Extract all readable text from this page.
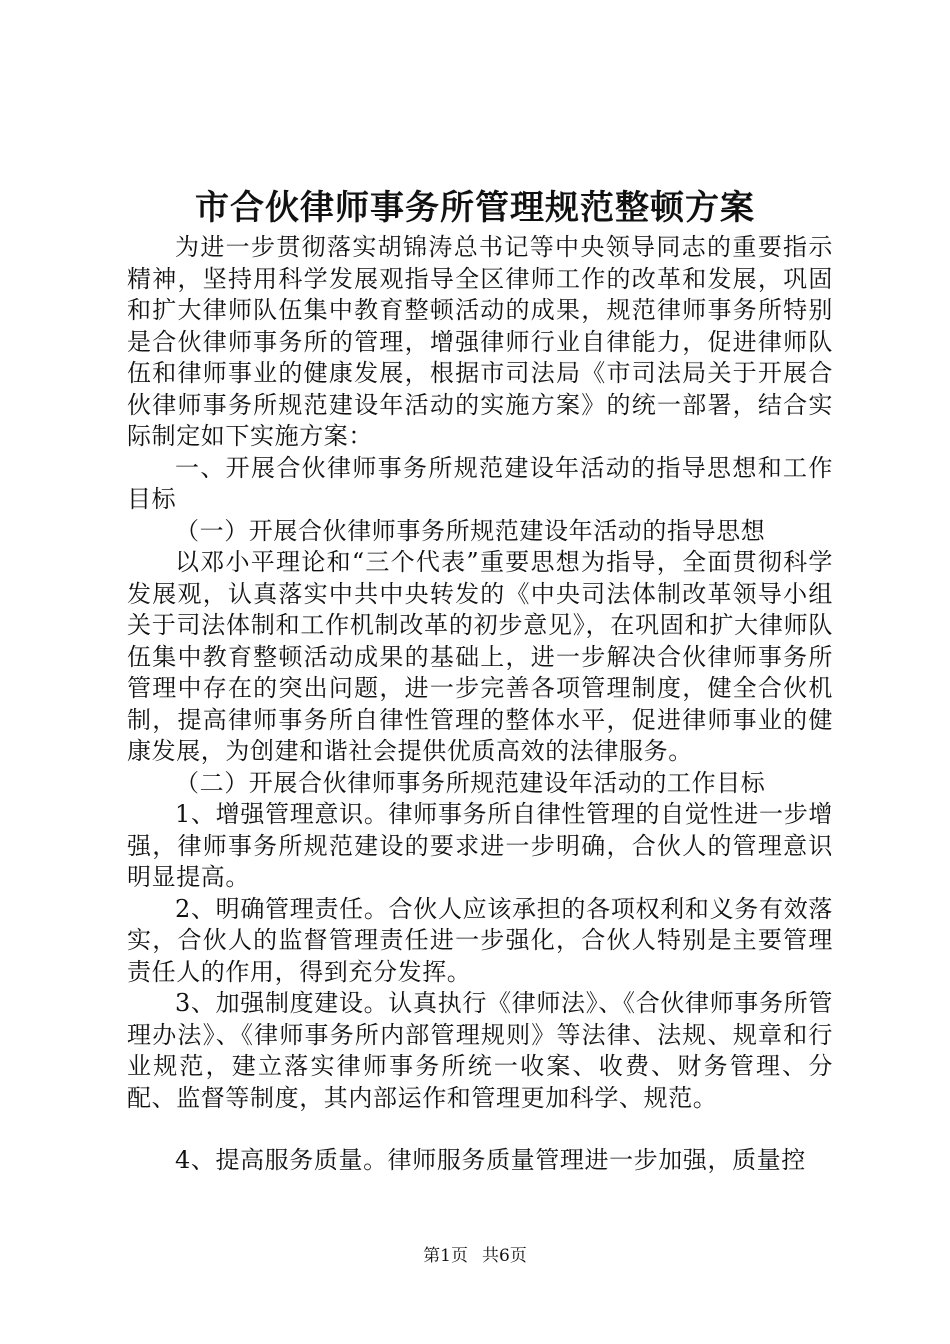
市合伙律师事务所管理规范整顿方案

为进一步贯彻落实胡锦涛总书记等中央领导同志的重要指示精神，坚持用科学发展观指导全区律师工作的改革和发展，巩固和扩大律师队伍集中教育整顿活动的成果，规范律师事务所特别是合伙律师事务所的管理，增强律师行业自律能力，促进律师队伍和律师事业的健康发展，根据市司法局《市司法局关于开展合伙律师事务所规范建设年活动的实施方案》的统一部署，结合实际制定如下实施方案：

一、开展合伙律师事务所规范建设年活动的指导思想和工作目标

（一）开展合伙律师事务所规范建设年活动的指导思想

以邓小平理论和“三个代表”重要思想为指导，全面贯彻科学发展观，认真落实中共中央转发的《中央司法体制改革领导小组关于司法体制和工作机制改革的初步意见》，在巩固和扩大律师队伍集中教育整顿活动成果的基础上，进一步解决合伙律师事务所管理中存在的突出问题，进一步完善各项管理制度，健全合伙机制，提高律师事务所自律性管理的整体水平，促进律师事业的健康发展，为创建和谐社会提供优质高效的法律服务。

（二）开展合伙律师事务所规范建设年活动的工作目标

1、增强管理意识。律师事务所自律性管理的自觉性进一步增强，律师事务所规范建设的要求进一步明确，合伙人的管理意识明显提高。

2、明确管理责任。合伙人应该承担的各项权利和义务有效落实，合伙人的监督管理责任进一步强化，合伙人特别是主要管理责任人的作用，得到充分发挥。

3、加强制度建设。认真执行《律师法》、《合伙律师事务所管理办法》、《律师事务所内部管理规则》等法律、法规、规章和行业规范，建立落实律师事务所统一收案、收费、财务管理、分配、监督等制度，其内部运作和管理更加科学、规范。

4、提高服务质量。律师服务质量管理进一步加强，质量控

第1页 共6页
